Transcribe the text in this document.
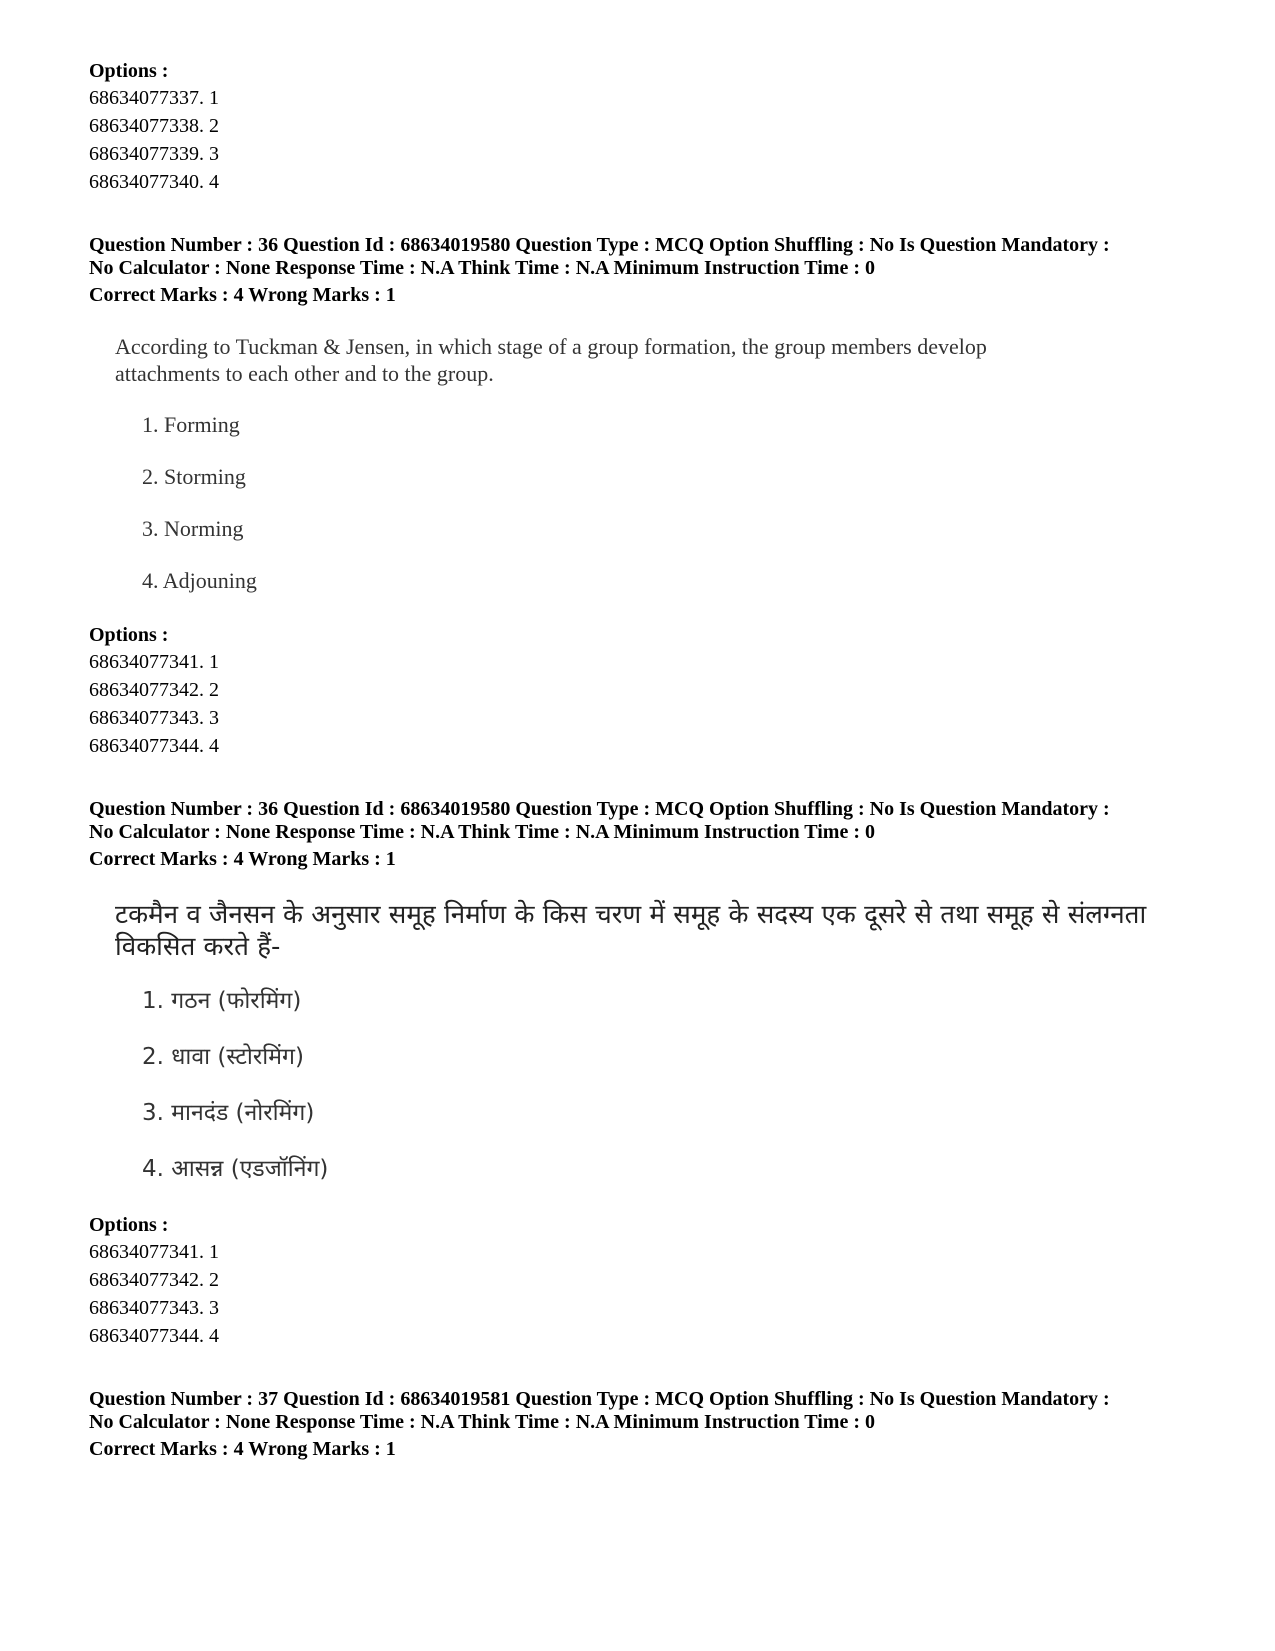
Options :
68634077337. 1
68634077338. 2
68634077339. 3
68634077340. 4
Question Number : 36 Question Id : 68634019580 Question Type : MCQ Option Shuffling : No Is Question Mandatory :
No Calculator : None Response Time : N.A Think Time : N.A Minimum Instruction Time : 0
Correct Marks : 4 Wrong Marks : 1
According to Tuckman & Jensen, in which stage of a group formation, the group members develop
attachments to each other and to the group.
1. Forming
2. Storming
3. Norming
4. Adjouning
Options :
68634077341. 1
68634077342. 2
68634077343. 3
68634077344. 4
Question Number : 36 Question Id : 68634019580 Question Type : MCQ Option Shuffling : No Is Question Mandatory :
No Calculator : None Response Time : N.A Think Time : N.A Minimum Instruction Time : 0
Correct Marks : 4 Wrong Marks : 1
टकमैन व जैनसन के अनुसार समूह निर्माण के किस चरण में समूह के सदस्य एक दूसरे से तथा समूह से संलग्नता
विकसित करते हैं-
1. गठन (फोरमिंग)
2. धावा (स्टोरमिंग)
3. मानदंड (नोरमिंग)
4. आसन्न (एडजॉनिंग)
Options :
68634077341. 1
68634077342. 2
68634077343. 3
68634077344. 4
Question Number : 37 Question Id : 68634019581 Question Type : MCQ Option Shuffling : No Is Question Mandatory :
No Calculator : None Response Time : N.A Think Time : N.A Minimum Instruction Time : 0
Correct Marks : 4 Wrong Marks : 1
